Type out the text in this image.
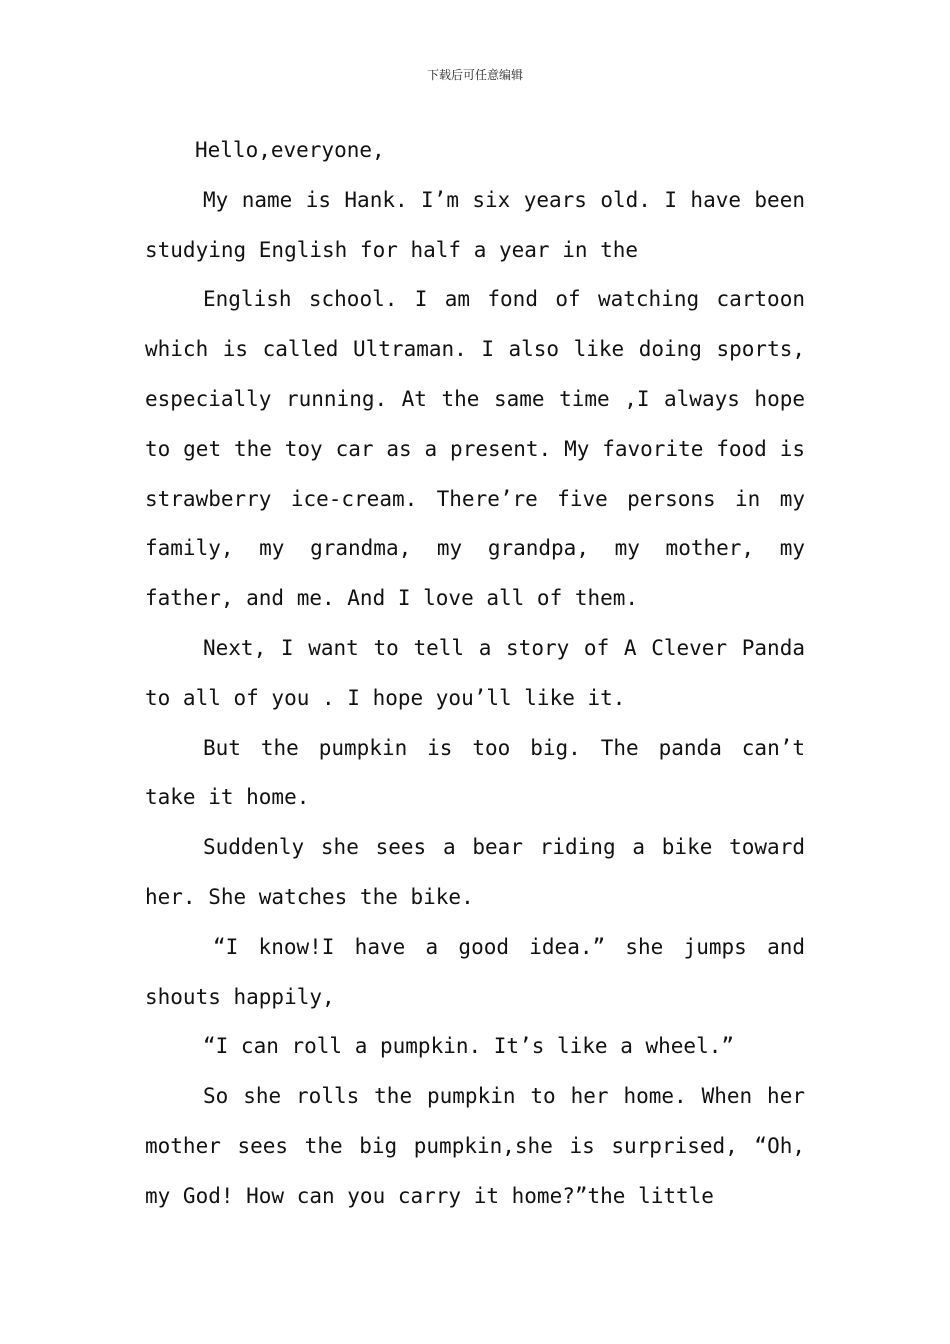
下载后可任意编辑

Hello,everyone,

My name is Hank. I’m six years old. I have been studying English for half a year in the

English school. I am fond of watching cartoon which is called Ultraman. I also like doing sports, especially running. At the same time ,I always hope to get the toy car as a present. My favorite food is strawberry ice-cream. There’re five persons in my family, my grandma, my grandpa, my mother, my father, and me. And I love all of them.

Next, I want to tell a story of A Clever Panda to all of you . I hope you’ll like it.

But the pumpkin is too big. The panda can’t take it home.

Suddenly she sees a bear riding a bike toward her. She watches the bike.

“I know!I have a good idea.” she jumps and shouts happily,

“I can roll a pumpkin. It’s like a wheel.”

So she rolls the pumpkin to her home. When her mother sees the big pumpkin,she is surprised, “Oh, my God! How can you carry it home?”the little
